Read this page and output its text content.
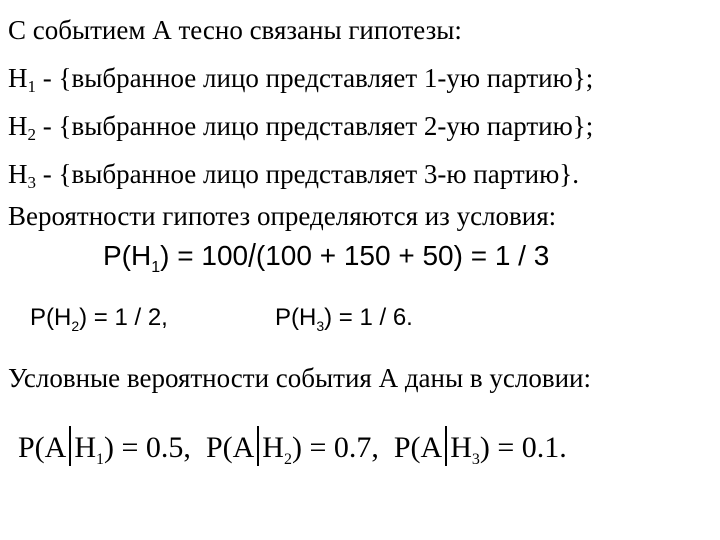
С событием А тесно связаны гипотезы:
$H_1$ - {выбранное лицо представляет 1-ую партию};
$H_2$ - {выбранное лицо представляет 2-ую партию};
$H_3$ - {выбранное лицо представляет 3-ю партию}.
Вероятности гипотез определяются из условия:
$P(H_1) = 100/(100 + 150 + 50) = 1 / 3$
$P(H_2) = 1 / 2$,	$P(H_3) = 1 / 6$.
Условные вероятности события А даны в условии:
P(A $H_1) = 0.5$, P(A $H_2) = 0.7$, P(A $H_3) = 0.1$.
